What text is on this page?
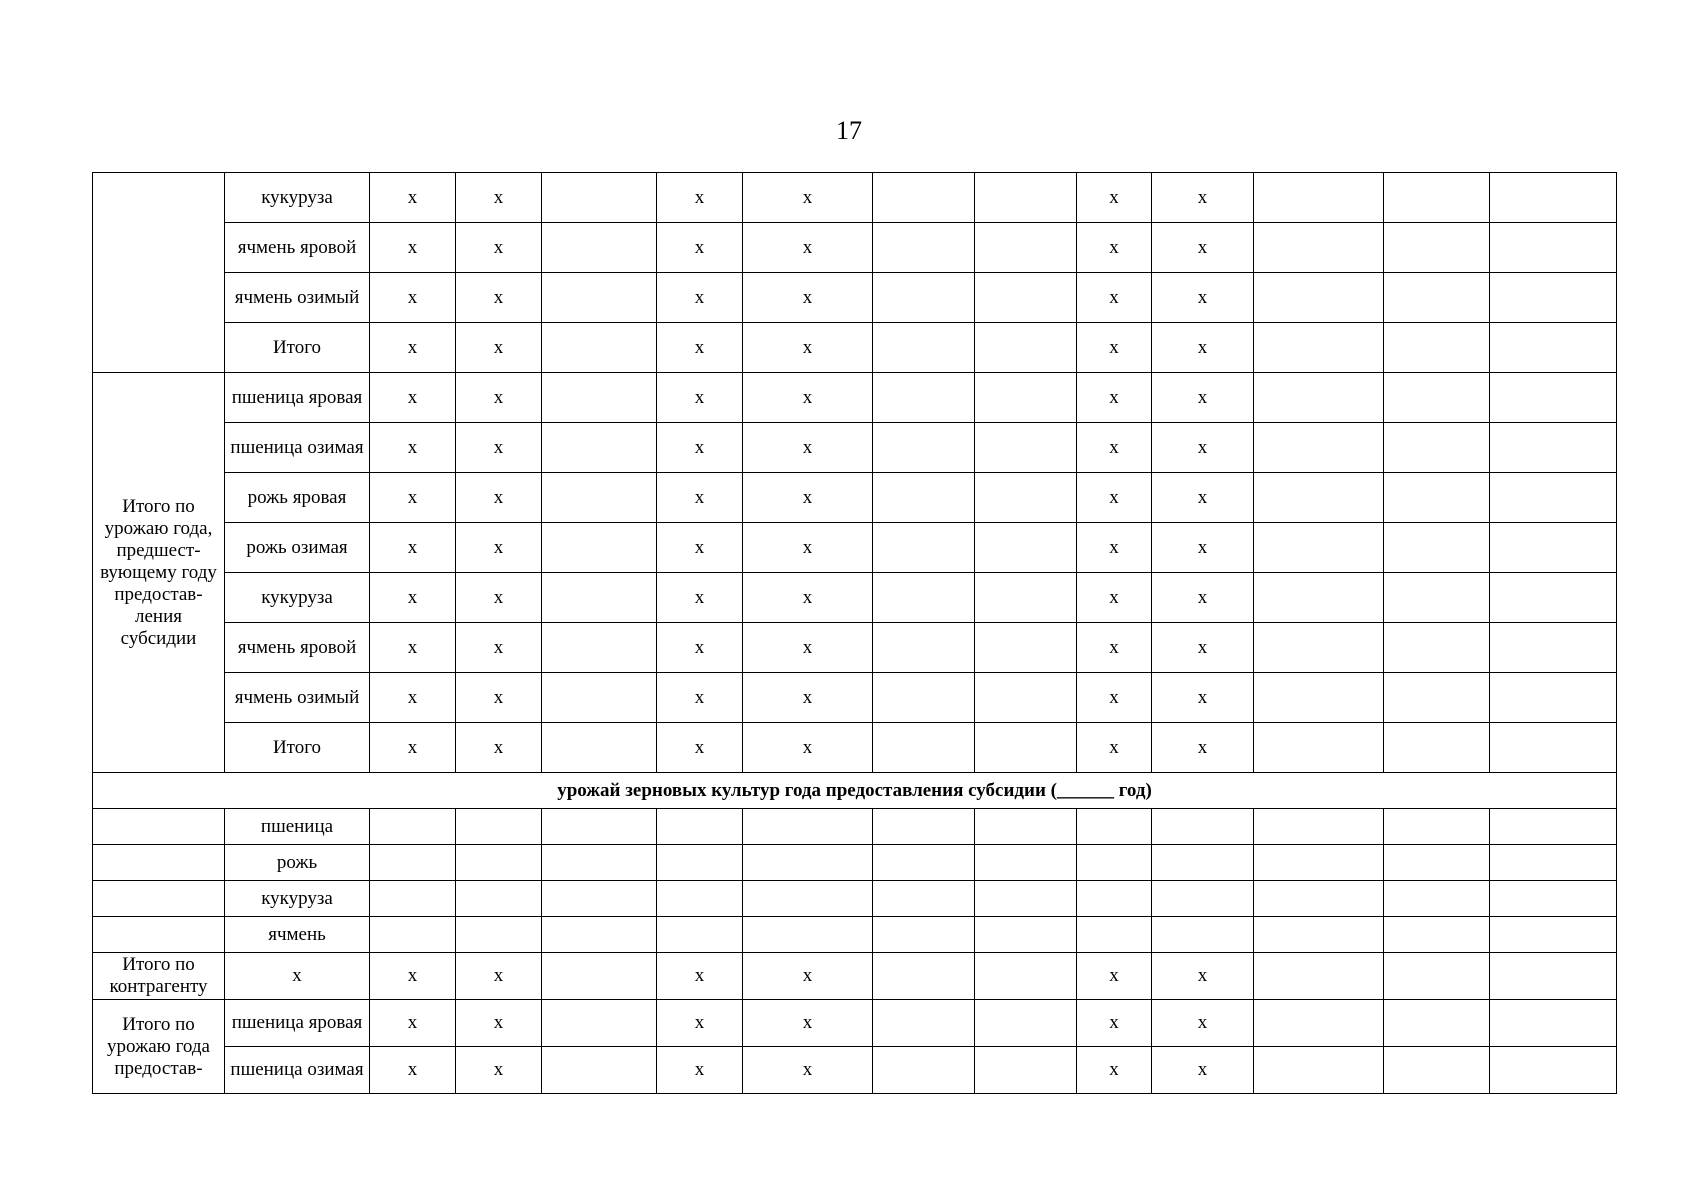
17
	кукуруза	х	х		х	х			х	х			
	ячмень яровой	х	х		х	х			х	х			
	ячмень озимый	х	х		х	х			х	х			
	Итого	х	х		х	х			х	х			
Итого по урожаю года, предшест-вующему году предостав-ления субсидии	пшеница яровая	х	х		х	х			х	х			
	пшеница озимая	х	х		х	х			х	х			
	рожь яровая	х	х		х	х			х	х			
	рожь озимая	х	х		х	х			х	х			
	кукуруза	х	х		х	х			х	х			
	ячмень яровой	х	х		х	х			х	х			
	ячмень озимый	х	х		х	х			х	х			
	Итого	х	х		х	х			х	х			
урожай зерновых культур года предоставления субсидии (______ год)													
	пшеница												
	рожь												
	кукуруза												
	ячмень												
Итого по контрагенту	х	х	х		х	х			х	х			
Итого по урожаю года предостав-	пшеница яровая	х	х		х	х			х	х			
	пшеница озимая	х	х		х	х			х	х			
